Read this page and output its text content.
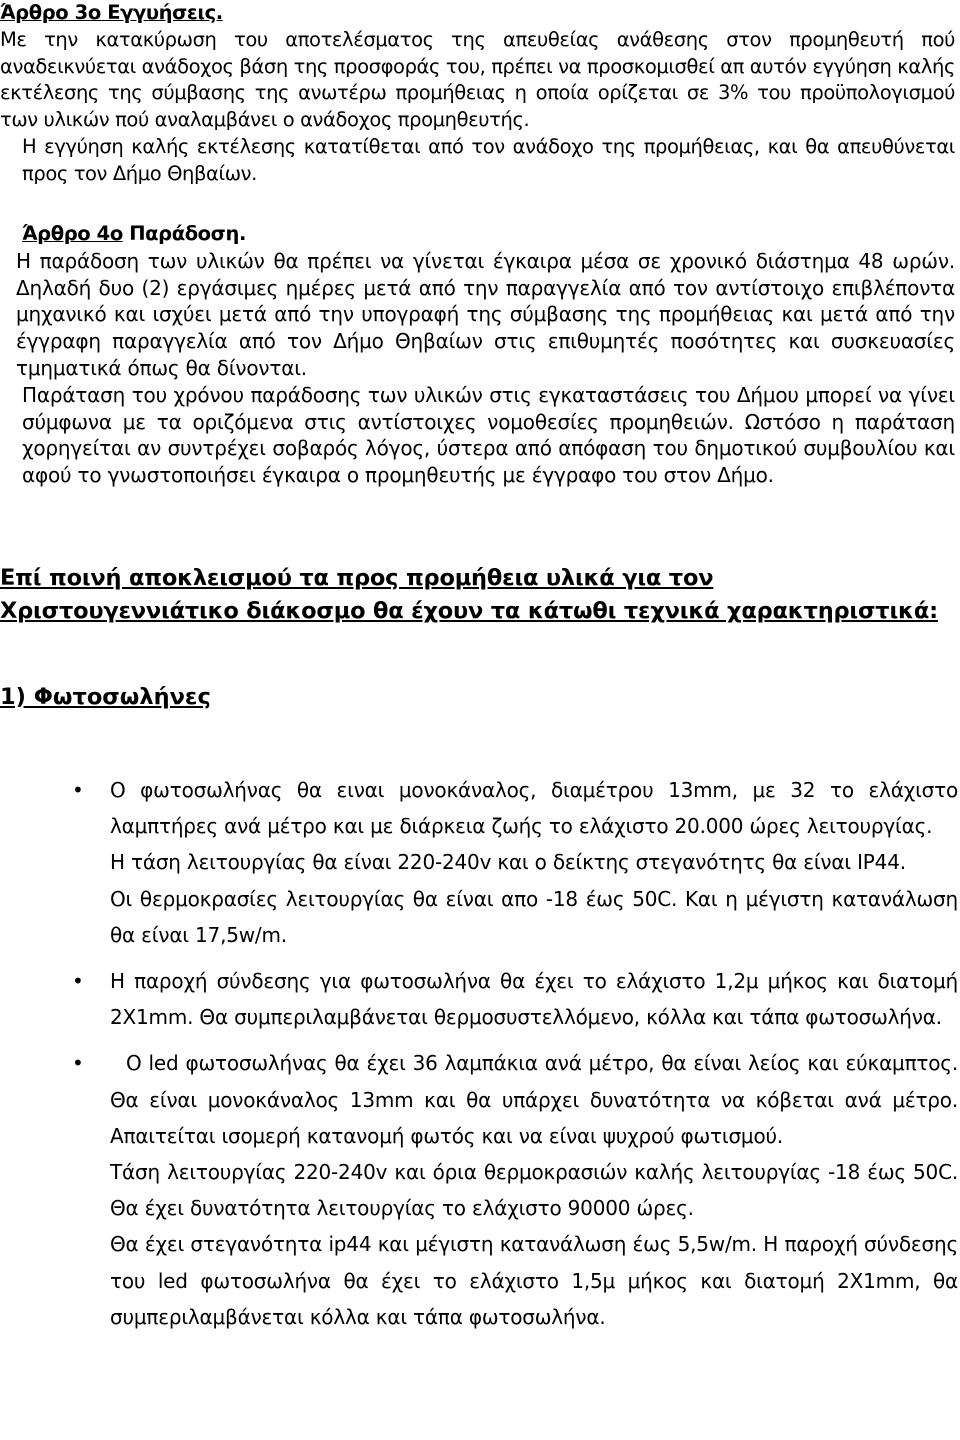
Άρθρο 3ο Εγγυήσεις.

Με την κατακύρωση του αποτελέσματος της απευθείας ανάθεσης στον προμηθευτή πού αναδεικνύεται ανάδοχος βάση της προσφοράς του, πρέπει να προσκομισθεί απ αυτόν εγγύηση καλής εκτέλεσης της σύμβασης της ανωτέρω προμήθειας η οποία ορίζεται σε 3% του προϋπολογισμού των υλικών πού αναλαμβάνει ο ανάδοχος προμηθευτής.

Η εγγύηση καλής εκτέλεσης κατατίθεται από τον ανάδοχο της προμήθειας, και θα απευθύνεται προς τον Δήμο Θηβαίων.

Άρθρο 4ο Παράδοση.

Η παράδοση των υλικών θα πρέπει να γίνεται έγκαιρα μέσα σε χρονικό διάστημα 48 ωρών. Δηλαδή δυο (2) εργάσιμες ημέρες μετά από την παραγγελία από τον αντίστοιχο επιβλέποντα μηχανικό και ισχύει μετά από την υπογραφή της σύμβασης της προμήθειας και μετά από την έγγραφη παραγγελία από τον Δήμο Θηβαίων στις επιθυμητές ποσότητες και συσκευασίες τμηματικά όπως θα δίνονται.

Παράταση του χρόνου παράδοσης των υλικών στις εγκαταστάσεις του Δήμου μπορεί να γίνει σύμφωνα με τα οριζόμενα στις αντίστοιχες νομοθεσίες προμηθειών. Ωστόσο η παράταση χορηγείται αν συντρέχει σοβαρός λόγος, ύστερα από απόφαση του δημοτικού συμβουλίου και αφού το γνωστοποιήσει έγκαιρα ο προμηθευτής με έγγραφο του στον Δήμο.

Επί ποινή αποκλεισμού τα προς προμήθεια υλικά για τον Χριστουγεννιάτικο διάκοσμο θα έχουν τα κάτωθι τεχνικά χαρακτηριστικά:
1) Φωτοσωλήνες
• Ο φωτοσωλήνας θα ειναι μονοκάναλος, διαμέτρου 13mm, με 32 το ελάχιστο λαμπτήρες ανά μέτρο και με διάρκεια ζωής το ελάχιστο 20.000 ώρες λειτουργίας.

Η τάση λειτουργίας θα είναι 220-240v και ο δείκτης στεγανότητς θα είναι IP44.

Οι θερμοκρασίες λειτουργίας θα είναι απο -18 έως 50C. Και η μέγιστη κατανάλωση θα είναι 17,5w/m.

• Η παροχή σύνδεσης για φωτοσωλήνα θα έχει το ελάχιστο 1,2μ μήκος και διατομή 2X1mm. Θα συμπεριλαμβάνεται θερμοσυστελλόμενο, κόλλα και τάπα φωτοσωλήνα.

•	Ο led φωτοσωλήνας θα έχει 36 λαμπάκια ανά μέτρο, θα είναι λείος και εύκαμπτος. Θα είναι μονοκάναλος 13mm και θα υπάρχει δυνατότητα να κόβεται ανά μέτρο. Απαιτείται ισομερή κατανομή φωτός και να είναι ψυχρού φωτισμού.

Τάση λειτουργίας 220-240v και όρια θερμοκρασιών καλής λειτουργίας -18 έως 50C. Θα έχει δυνατότητα λειτουργίας το ελάχιστο 90000 ώρες.

Θα έχει στεγανότητα ip44 και μέγιστη κατανάλωση έως 5,5w/m. Η παροχή σύνδεσης του led φωτοσωλήνα θα έχει το ελάχιστο 1,5μ μήκος και διατομή 2X1mm, θα συμπεριλαμβάνεται κόλλα και τάπα φωτοσωλήνα.
